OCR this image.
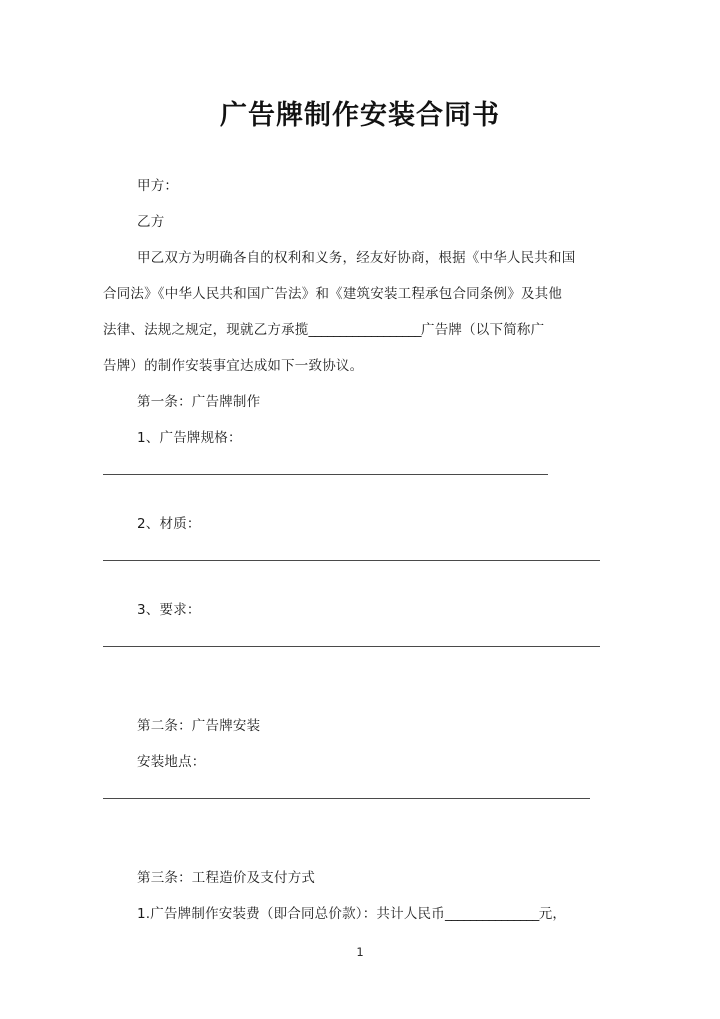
广告牌制作安装合同书
甲方：
乙方
甲乙双方为明确各自的权利和义务，经友好协商，根据《中华人民共和国
合同法》《中华人民共和国广告法》和《建筑安装工程承包合同条例》及其他
法律、法规之规定，现就乙方承揽__________________广告牌（以下简称广
告牌）的制作安装事宜达成如下一致协议。
第一条：广告牌制作
1、广告牌规格：
2、材质：
3、要求：
第二条：广告牌安装
安装地点：
第三条：工程造价及支付方式
1.广告牌制作安装费（即合同总价款）：共计人民币_______________元，
1
